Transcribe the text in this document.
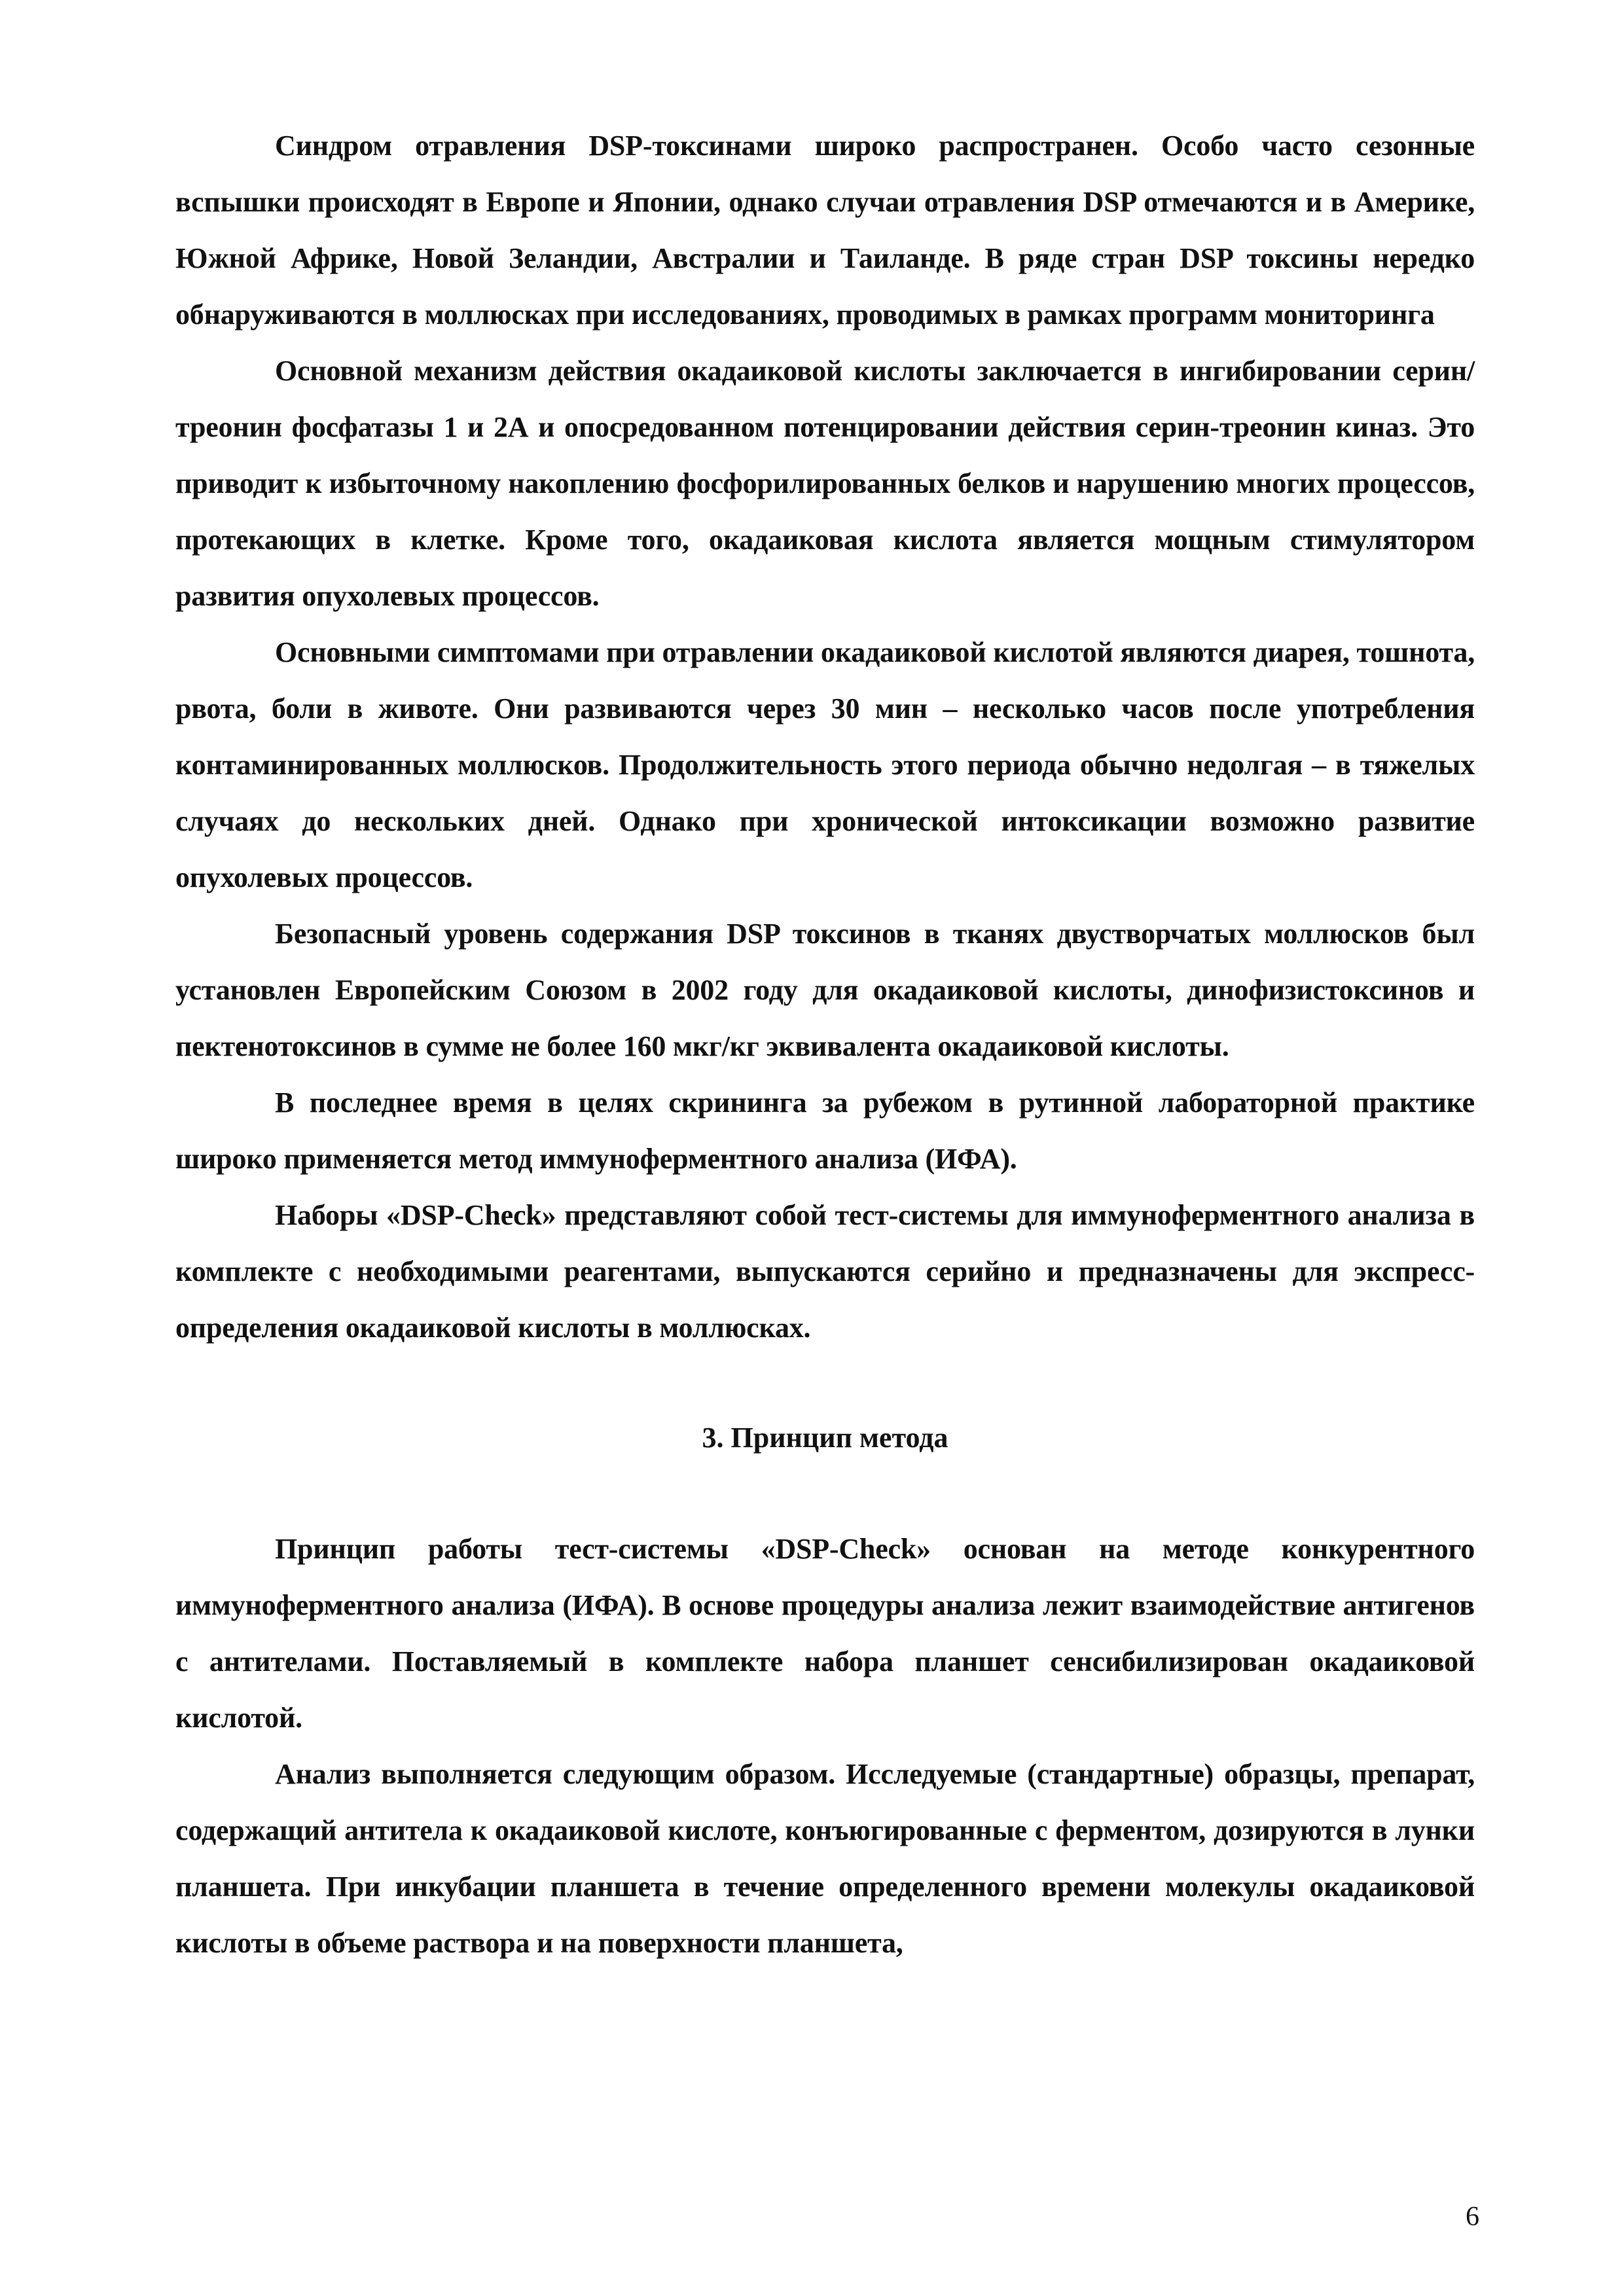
Синдром отравления DSP-токсинами широко распространен. Особо часто сезонные вспышки происходят в Европе и Японии, однако случаи отравления DSP отмечаются и в Америке, Южной Африке, Новой Зеландии, Австралии и Таиланде. В ряде стран DSP токсины нередко обнаруживаются в моллюсках при исследованиях, проводимых в рамках программ мониторинга

Основной механизм действия окадаиковой кислоты заключается в ингибировании серин/треонин фосфатазы 1 и 2А и опосредованном потенцировании действия серин-треонин киназ. Это приводит к избыточному накоплению фосфорилированных белков и нарушению многих процессов, протекающих в клетке. Кроме того, окадаиковая кислота является мощным стимулятором развития опухолевых процессов.

Основными симптомами при отравлении окадаиковой кислотой являются диарея, тошнота, рвота, боли в животе. Они развиваются через 30 мин – несколько часов после употребления контаминированных моллюсков. Продолжительность этого периода обычно недолгая – в тяжелых случаях до нескольких дней. Однако при хронической интоксикации возможно развитие опухолевых процессов.

Безопасный уровень содержания DSP токсинов в тканях двустворчатых моллюсков был установлен Европейским Союзом в 2002 году для окадаиковой кислоты, динофизистоксинов и пектенотоксинов в сумме не более 160 мкг/кг эквивалента окадаиковой кислоты.

В последнее время в целях скрининга за рубежом в рутинной лабораторной практике широко применяется метод иммуноферментного анализа (ИФА).

Наборы «DSP-Check» представляют собой тест-системы для иммуноферментного анализа в комплекте с необходимыми реагентами, выпускаются серийно и предназначены для экспресс-определения окадаиковой кислоты в моллюсках.

3. Принцип метода

Принцип работы тест-системы «DSP-Check» основан на методе конкурентного иммуноферментного анализа (ИФА). В основе процедуры анализа лежит взаимодействие антигенов с антителами. Поставляемый в комплекте набора планшет сенсибилизирован окадаиковой кислотой.

Анализ выполняется следующим образом. Исследуемые (стандартные) образцы, препарат, содержащий антитела к окадаиковой кислоте, конъюгированные с ферментом, дозируются в лунки планшета. При инкубации планшета в течение определенного времени молекулы окадаиковой кислоты в объеме раствора и на поверхности планшета,

6
